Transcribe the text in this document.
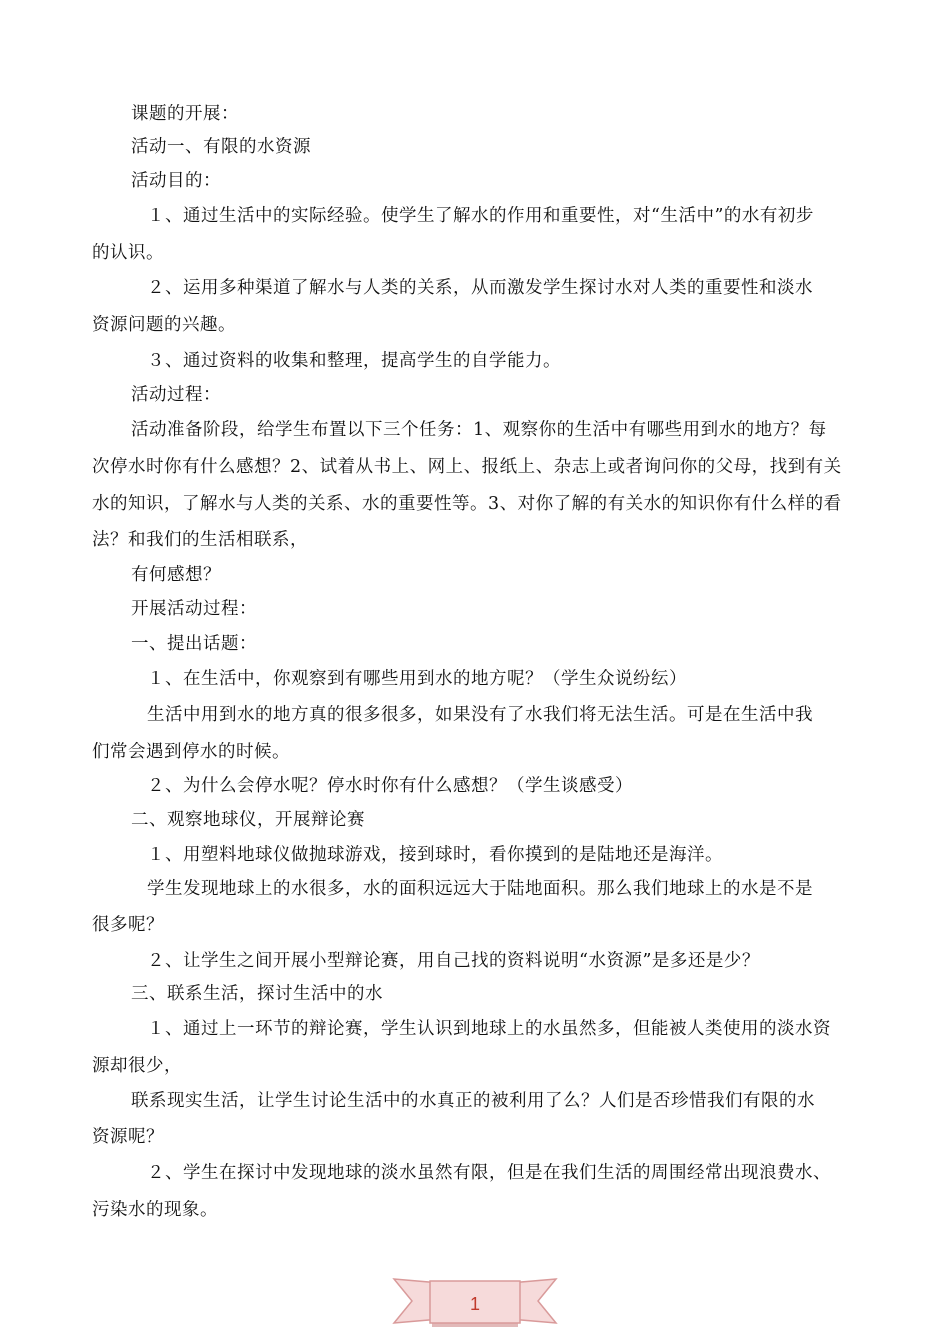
课题的开展：
活动一、有限的水资源
活动目的：
１、通过生活中的实际经验。使学生了解水的作用和重要性，对“生活中”的水有初步
的认识。
２、运用多种渠道了解水与人类的关系，从而激发学生探讨水对人类的重要性和淡水
资源问题的兴趣。
３、通过资料的收集和整理，提高学生的自学能力。
活动过程：
活动准备阶段，给学生布置以下三个任务：1、观察你的生活中有哪些用到水的地方？每
次停水时你有什么感想？2、试着从书上、网上、报纸上、杂志上或者询问你的父母，找到有关
水的知识，了解水与人类的关系、水的重要性等。3、对你了解的有关水的知识你有什么样的看
法？和我们的生活相联系，
有何感想？
开展活动过程：
一、提出话题：
１、在生活中，你观察到有哪些用到水的地方呢？（学生众说纷纭）
生活中用到水的地方真的很多很多，如果没有了水我们将无法生活。可是在生活中我
们常会遇到停水的时候。
２、为什么会停水呢？停水时你有什么感想？（学生谈感受）
二、观察地球仪，开展辩论赛
１、用塑料地球仪做抛球游戏，接到球时，看你摸到的是陆地还是海洋。
学生发现地球上的水很多，水的面积远远大于陆地面积。那么我们地球上的水是不是
很多呢？
２、让学生之间开展小型辩论赛，用自己找的资料说明“水资源”是多还是少？
三、联系生活，探讨生活中的水
１、通过上一环节的辩论赛，学生认识到地球上的水虽然多，但能被人类使用的淡水资
源却很少，
联系现实生活，让学生讨论生活中的水真正的被利用了么？人们是否珍惜我们有限的水
资源呢？
２、学生在探讨中发现地球的淡水虽然有限，但是在我们生活的周围经常出现浪费水、
污染水的现象。
1
